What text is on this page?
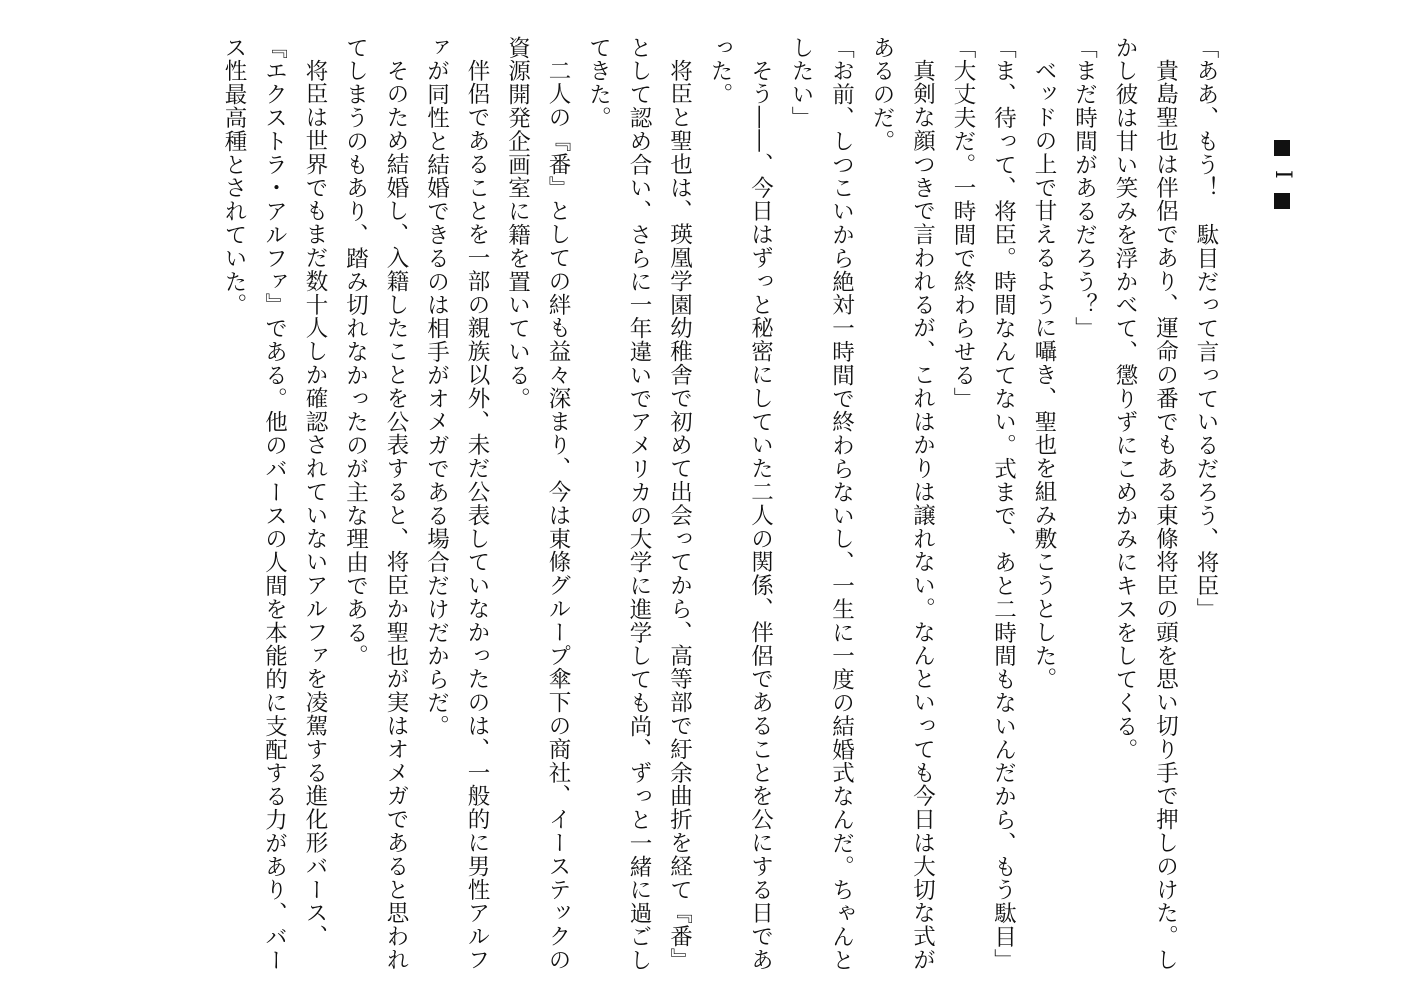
I

「ああ、もう！　駄目だって言っているだろう、将臣」

貴島聖也は伴侶であり、運命の番でもある東條将臣の頭を思い切り手で押しのけた。しかし彼は甘い笑みを浮かべて、懲りずにこめかみにキスをしてくる。

「まだ時間があるだろう？」

ベッドの上で甘えるように囁き、聖也を組み敷こうとした。

「ま、待って、将臣。時間なんてない。式まで、あと二時間もないんだから、もう駄目」

「大丈夫だ。一時間で終わらせる」

真剣な顔つきで言われるが、これはかりは譲れない。なんといっても今日は大切な式があるのだ。

「お前、しつこいから絶対一時間で終わらないし、一生に一度の結婚式なんだ。ちゃんとしたい」

そう――、今日はずっと秘密にしていた二人の関係、伴侶であることを公にする日であった。

将臣と聖也は、瑛凰学園幼稚舎で初めて出会ってから、高等部で紆余曲折を経て『番』として認め合い、さらに一年違いでアメリカの大学に進学しても尚、ずっと一緒に過ごしてきた。

二人の『番』としての絆も益々深まり、今は東條グループ傘下の商社、イーステックの資源開発企画室に籍を置いている。

伴侶であることを一部の親族以外、未だ公表していなかったのは、一般的に男性アルファが同性と結婚できるのは相手がオメガである場合だけだからだ。

そのため結婚し、入籍したことを公表すると、将臣か聖也が実はオメガであると思われてしまうのもあり、踏み切れなかったのが主な理由である。

将臣は世界でもまだ数十人しか確認されていないアルファを凌駕する進化形バース、『エクストラ・アルファ』である。他のバースの人間を本能的に支配する力があり、バース性最高種とされていた。
